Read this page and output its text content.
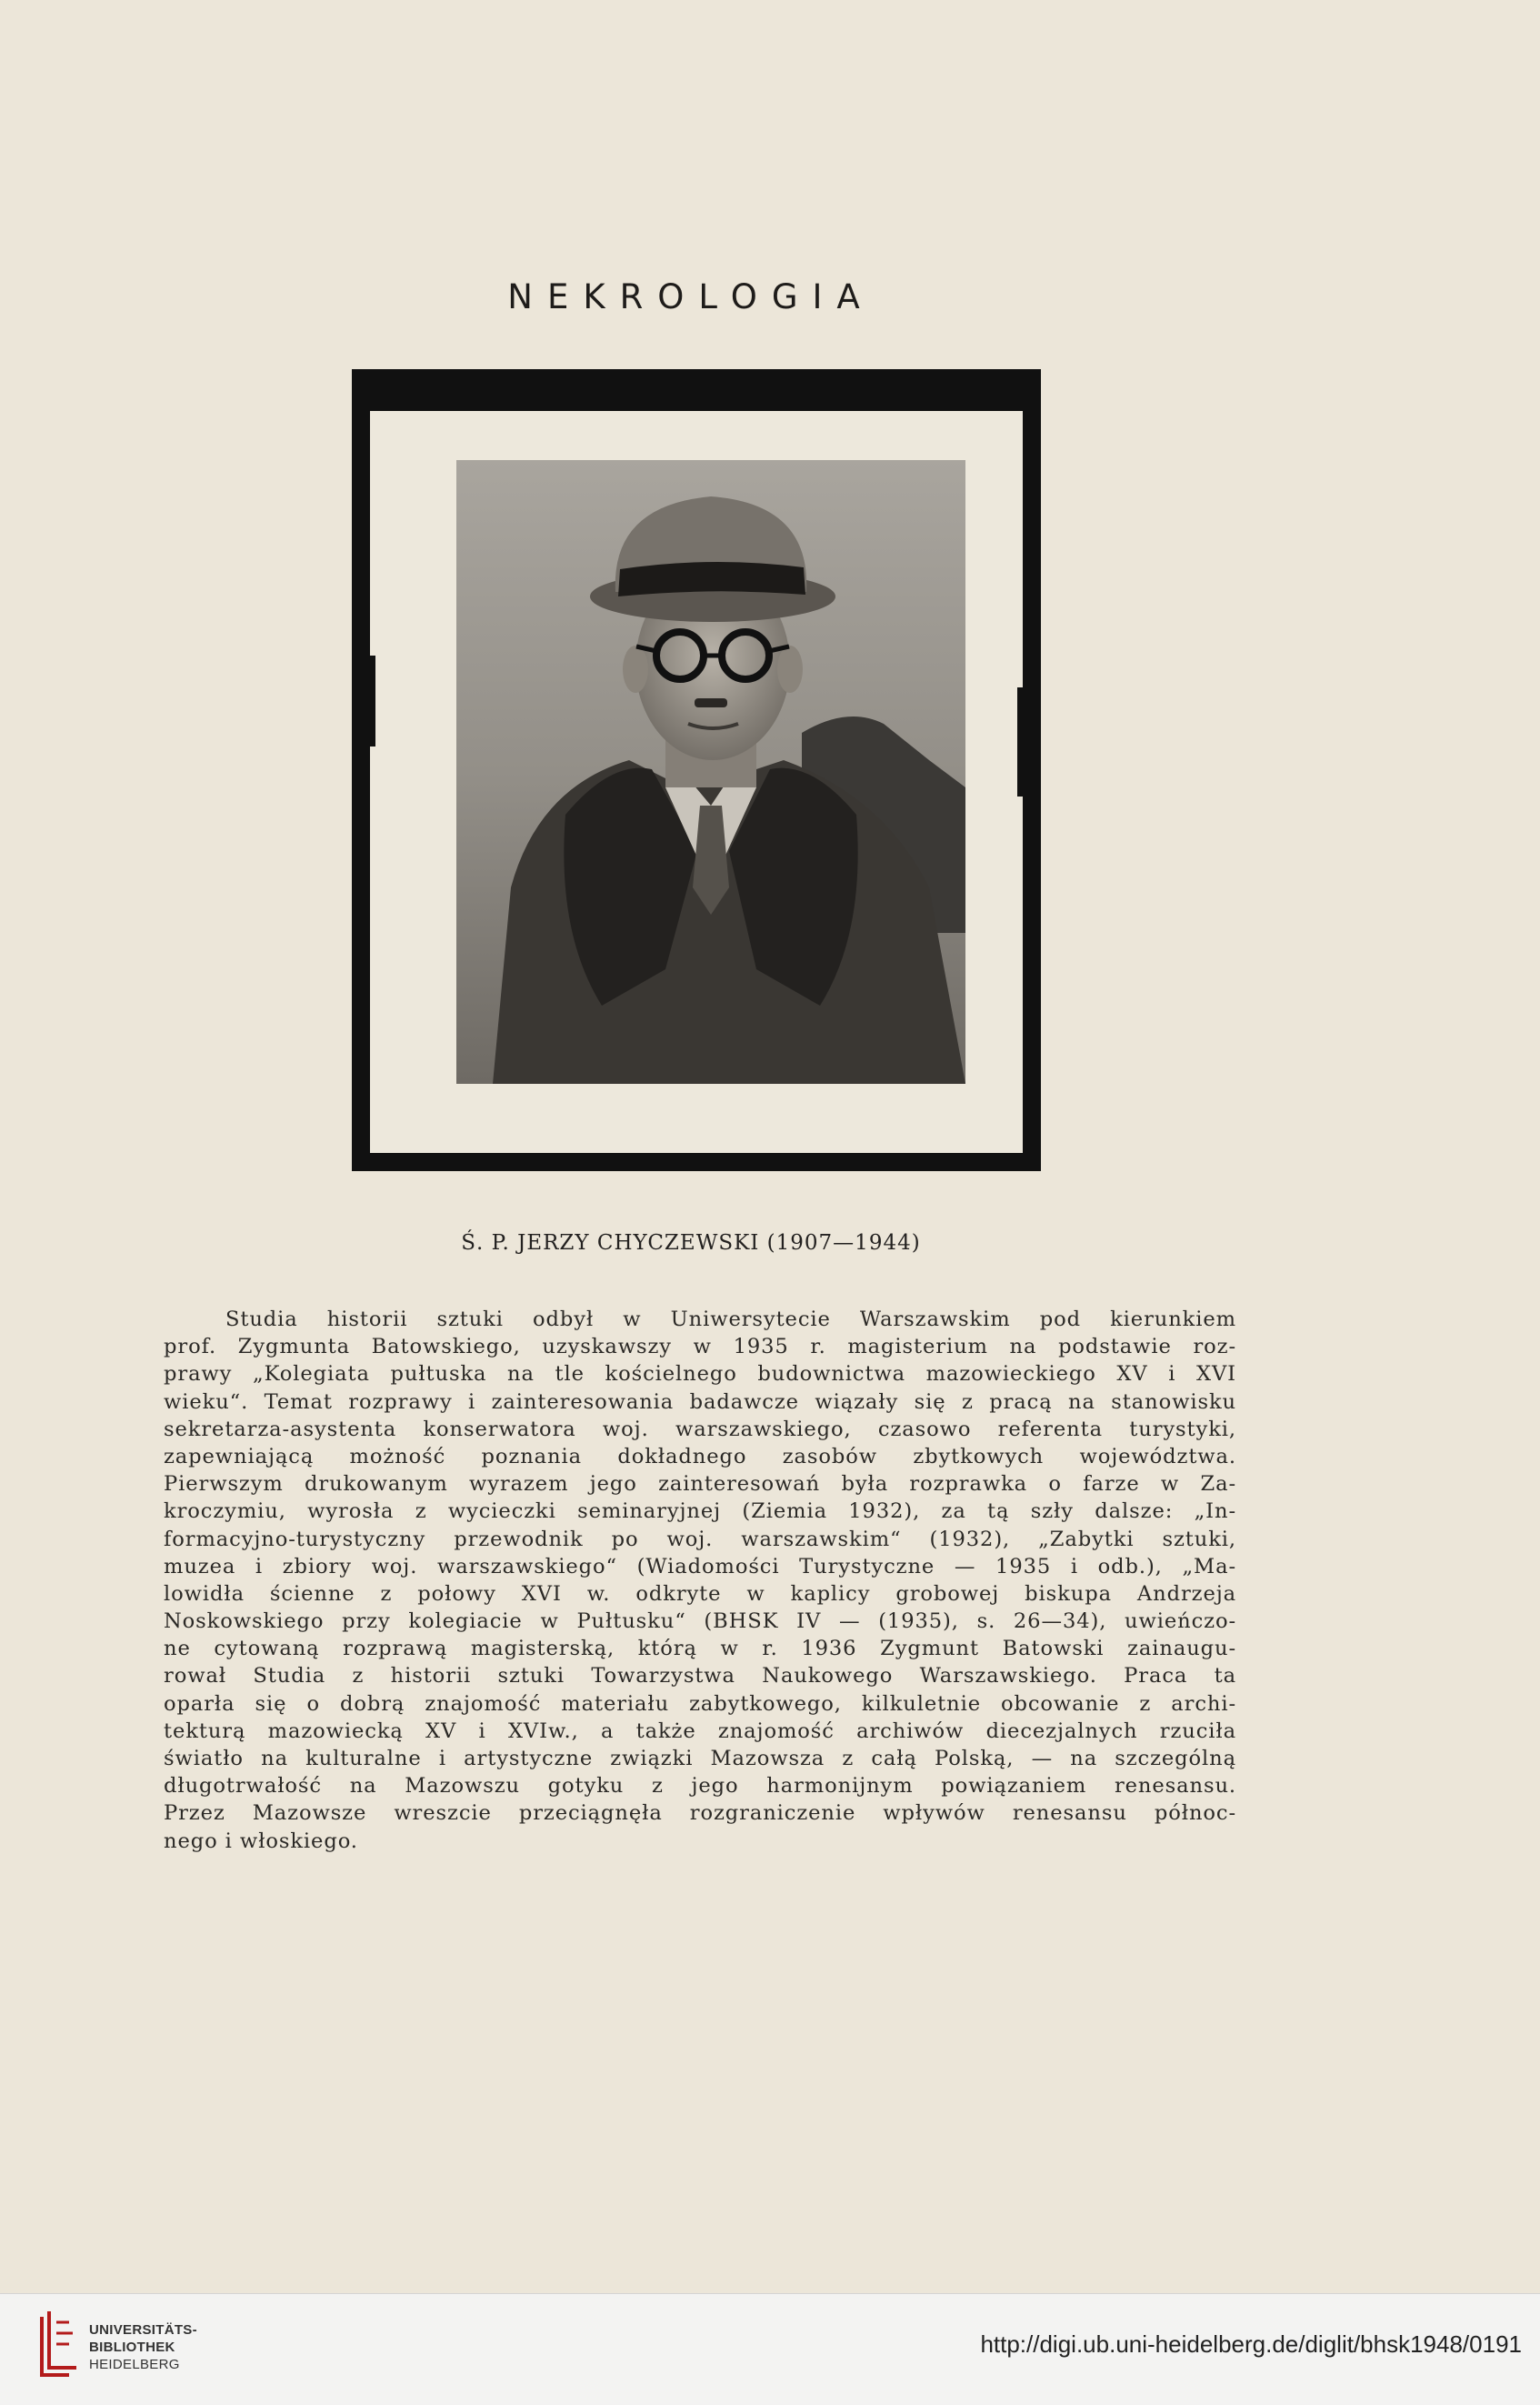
NEKROLOGIA
Ś. P. JERZY CHYCZEWSKI (1907—1944)
Studia historii sztuki odbył w Uniwersytecie Warszawskim pod kierunkiem
prof. Zygmunta Batowskiego, uzyskawszy w 1935 r. magisterium na podstawie roz-
prawy „Kolegiata pułtuska na tle kościelnego budownictwa mazowieckiego XV i XVI
wieku“. Temat rozprawy i zainteresowania badawcze wiązały się z pracą na stanowisku
sekretarza-asystenta konserwatora woj. warszawskiego, czasowo referenta turystyki,
zapewniającą możność poznania dokładnego zasobów zbytkowych województwa.
Pierwszym drukowanym wyrazem jego zainteresowań była rozprawka o farze w Za-
kroczymiu, wyrosła z wycieczki seminaryjnej (Ziemia 1932), za tą szły dalsze: „In-
formacyjno-turystyczny przewodnik po woj. warszawskim“ (1932), „Zabytki sztuki,
muzea i zbiory woj. warszawskiego“ (Wiadomości Turystyczne — 1935 i odb.), „Ma-
lowidła ścienne z połowy XVI w. odkryte w kaplicy grobowej biskupa Andrzeja
Noskowskiego przy kolegiacie w Pułtusku“ (BHSK IV — (1935), s. 26—34), uwieńczo-
ne cytowaną rozprawą magisterską, którą w r. 1936 Zygmunt Batowski zainaugu-
rował Studia z historii sztuki Towarzystwa Naukowego Warszawskiego. Praca ta
oparła się o dobrą znajomość materiału zabytkowego, kilkuletnie obcowanie z archi-
tekturą mazowiecką XV i XVIw., a także znajomość archiwów diecezjalnych rzuciła
światło na kulturalne i artystyczne związki Mazowsza z całą Polską, — na szczególną
długotrwałość na Mazowszu gotyku z jego harmonijnym powiązaniem renesansu.
Przez Mazowsze wreszcie przeciągnęła rozgraniczenie wpływów renesansu północ-
nego i włoskiego.
UNIVERSITÄTS-
BIBLIOTHEK
HEIDELBERG
http://digi.ub.uni-heidelberg.de/diglit/bhsk1948/0191
